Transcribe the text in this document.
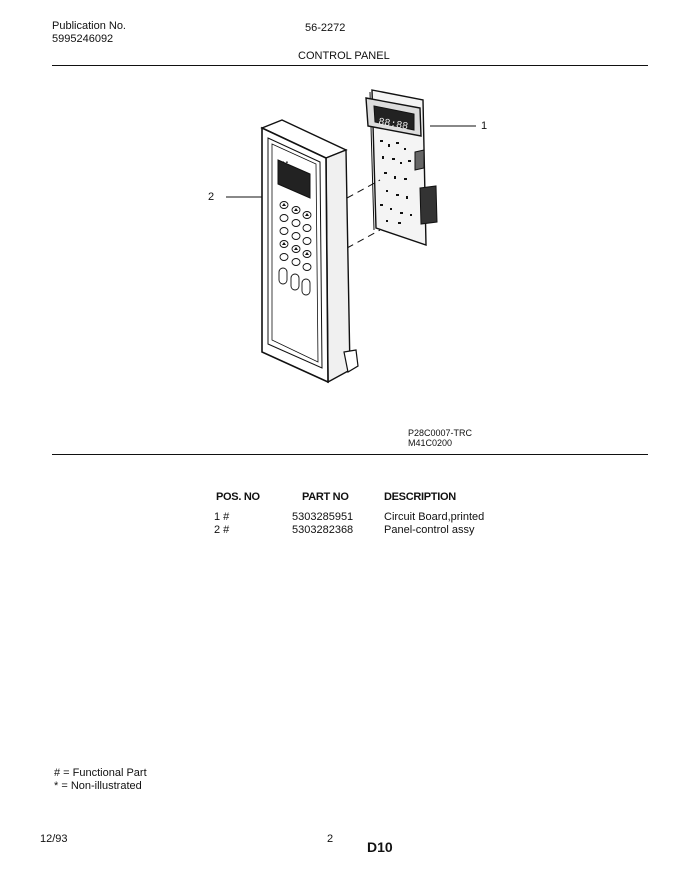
Publication No.
5995246092
56-2272
CONTROL PANEL
88:88
▪ ▪
1
2
P28C0007-TRC
M41C0200
POS. NO	PART NO	DESCRIPTION
1 #	5303285951	Circuit Board,printed
2 #	5303282368	Panel-control assy
# = Functional Part
* = Non-illustrated
12/93	2 D10
